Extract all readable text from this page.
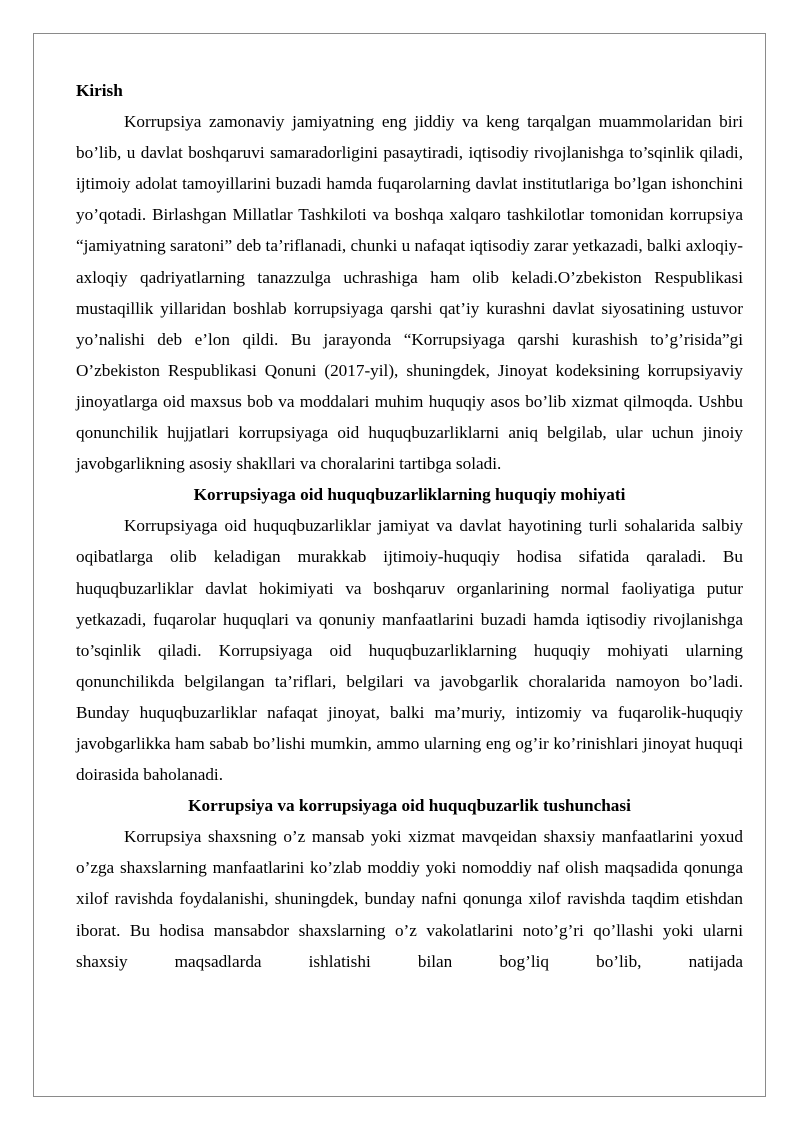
Kirish

Korrupsiya zamonaviy jamiyatning eng jiddiy va keng tarqalgan muammolaridan biri bo’lib, u davlat boshqaruvi samaradorligini pasaytiradi, iqtisodiy rivojlanishga to’sqinlik qiladi, ijtimoiy adolat tamoyillarini buzadi hamda fuqarolarning davlat institutlariga bo’lgan ishonchini yo’qotadi. Birlashgan Millatlar Tashkiloti va boshqa xalqaro tashkilotlar tomonidan korrupsiya “jamiyatning saratoni” deb ta’riflanadi, chunki u nafaqat iqtisodiy zarar yetkazadi, balki axloqiy-axloqiy qadriyatlarning tanazzulga uchrashiga ham olib keladi.O’zbekiston Respublikasi mustaqillik yillaridan boshlab korrupsiyaga qarshi qat’iy kurashni davlat siyosatining ustuvor yo’nalishi deb e’lon qildi. Bu jarayonda “Korrupsiyaga qarshi kurashish to’g’risida”gi O’zbekiston Respublikasi Qonuni (2017-yil), shuningdek, Jinoyat kodeksining korrupsiyaviy jinoyatlarga oid maxsus bob va moddalari muhim huquqiy asos bo’lib xizmat qilmoqda. Ushbu qonunchilik hujjatlari korrupsiyaga oid huquqbuzarliklarni aniq belgilab, ular uchun jinoiy javobgarlikning asosiy shakllari va choralarini tartibga soladi.

Korrupsiyaga oid huquqbuzarliklarning huquqiy mohiyati

Korrupsiyaga oid huquqbuzarliklar jamiyat va davlat hayotining turli sohalarida salbiy oqibatlarga olib keladigan murakkab ijtimoiy-huquqiy hodisa sifatida qaraladi. Bu huquqbuzarliklar davlat hokimiyati va boshqaruv organlarining normal faoliyatiga putur yetkazadi, fuqarolar huquqlari va qonuniy manfaatlarini buzadi hamda iqtisodiy rivojlanishga to’sqinlik qiladi. Korrupsiyaga oid huquqbuzarliklarning huquqiy mohiyati ularning qonunchilikda belgilangan ta’riflari, belgilari va javobgarlik choralarida namoyon bo’ladi. Bunday huquqbuzarliklar nafaqat jinoyat, balki ma’muriy, intizomiy va fuqarolik-huquqiy javobgarlikka ham sabab bo’lishi mumkin, ammo ularning eng og’ir ko’rinishlari jinoyat huquqi doirasida baholanadi.

Korrupsiya va korrupsiyaga oid huquqbuzarlik tushunchasi

Korrupsiya shaxsning o’z mansab yoki xizmat mavqeidan shaxsiy manfaatlarini yoxud o’zga shaxslarning manfaatlarini ko’zlab moddiy yoki nomoddiy naf olish maqsadida qonunga xilof ravishda foydalanishi, shuningdek, bunday nafni qonunga xilof ravishda taqdim etishdan iborat. Bu hodisa mansabdor shaxslarning o’z vakolatlarini noto’g’ri qo’llashi yoki ularni shaxsiy maqsadlarda ishlatishi bilan bog’liq bo’lib, natijada
